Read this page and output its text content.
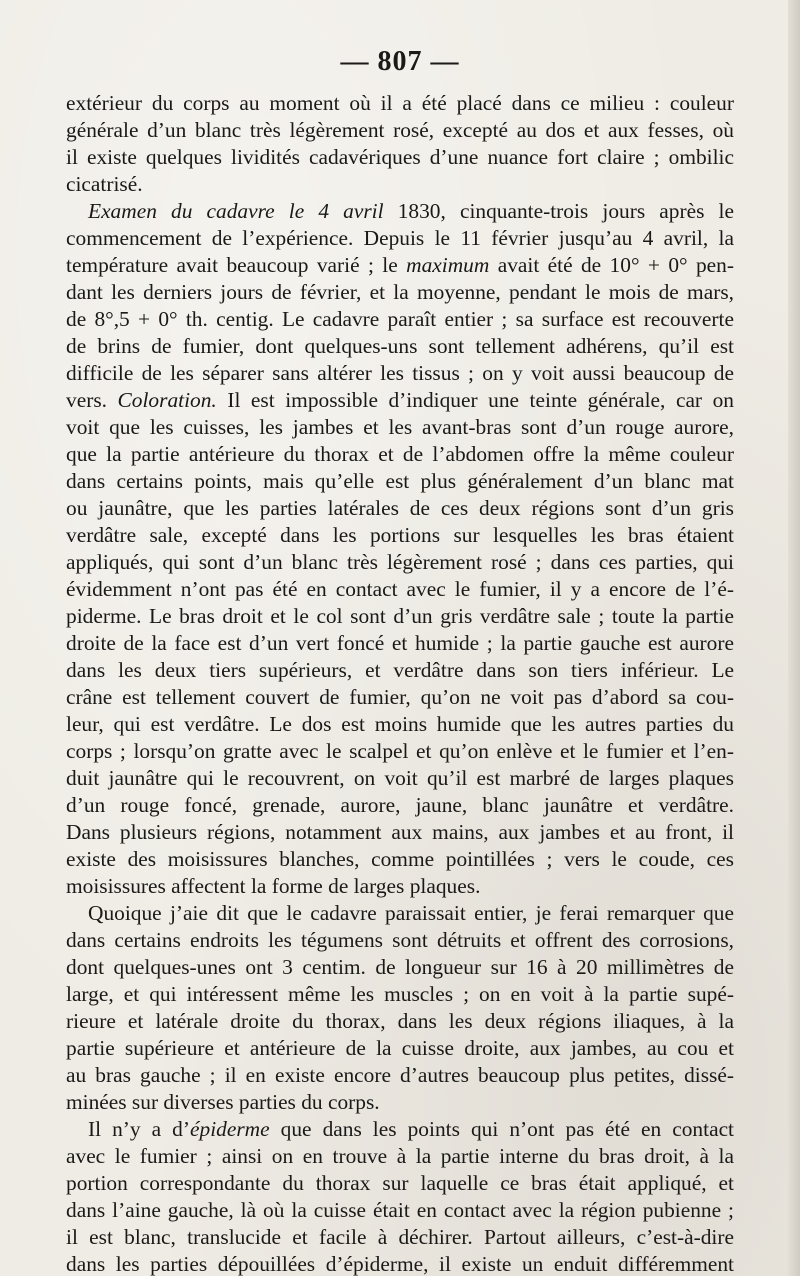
— 807 —

extérieur du corps au moment où il a été placé dans ce milieu : couleur
générale d’un blanc très légèrement rosé, excepté au dos et aux fesses, où
il existe quelques lividités cadavériques d’une nuance fort claire ; ombilic
cicatrisé.

Examen du cadavre le 4 avril 1830, cinquante-trois jours après le
commencement de l’expérience. Depuis le 11 février jusqu’au 4 avril, la
température avait beaucoup varié ; le maximum avait été de 10° + 0° pen-
dant les derniers jours de février, et la moyenne, pendant le mois de mars,
de 8°,5 + 0° th. centig. Le cadavre paraît entier ; sa surface est recouverte
de brins de fumier, dont quelques-uns sont tellement adhérens, qu’il est
difficile de les séparer sans altérer les tissus ; on y voit aussi beaucoup de
vers. Coloration. Il est impossible d’indiquer une teinte générale, car on
voit que les cuisses, les jambes et les avant-bras sont d’un rouge aurore,
que la partie antérieure du thorax et de l’abdomen offre la même couleur
dans certains points, mais qu’elle est plus généralement d’un blanc mat
ou jaunâtre, que les parties latérales de ces deux régions sont d’un gris
verdâtre sale, excepté dans les portions sur lesquelles les bras étaient
appliqués, qui sont d’un blanc très légèrement rosé ; dans ces parties, qui
évidemment n’ont pas été en contact avec le fumier, il y a encore de l’é-
piderme. Le bras droit et le col sont d’un gris verdâtre sale ; toute la partie
droite de la face est d’un vert foncé et humide ; la partie gauche est aurore
dans les deux tiers supérieurs, et verdâtre dans son tiers inférieur. Le
crâne est tellement couvert de fumier, qu’on ne voit pas d’abord sa cou-
leur, qui est verdâtre. Le dos est moins humide que les autres parties du
corps ; lorsqu’on gratte avec le scalpel et qu’on enlève et le fumier et l’en-
duit jaunâtre qui le recouvrent, on voit qu’il est marbré de larges plaques
d’un rouge foncé, grenade, aurore, jaune, blanc jaunâtre et verdâtre.
Dans plusieurs régions, notamment aux mains, aux jambes et au front, il
existe des moisissures blanches, comme pointillées ; vers le coude, ces
moisissures affectent la forme de larges plaques.

Quoique j’aie dit que le cadavre paraissait entier, je ferai remarquer que
dans certains endroits les tégumens sont détruits et offrent des corrosions,
dont quelques-unes ont 3 centim. de longueur sur 16 à 20 millimètres de
large, et qui intéressent même les muscles ; on en voit à la partie supé-
rieure et latérale droite du thorax, dans les deux régions iliaques, à la
partie supérieure et antérieure de la cuisse droite, aux jambes, au cou et
au bras gauche ; il en existe encore d’autres beaucoup plus petites, dissé-
minées sur diverses parties du corps.

Il n’y a d’épiderme que dans les points qui n’ont pas été en contact
avec le fumier ; ainsi on en trouve à la partie interne du bras droit, à la
portion correspondante du thorax sur laquelle ce bras était appliqué, et
dans l’aine gauche, là où la cuisse était en contact avec la région pubienne ;
il est blanc, translucide et facile à déchirer. Partout ailleurs, c’est-à-dire
dans les parties dépouillées d’épiderme, il existe un enduit différemment
